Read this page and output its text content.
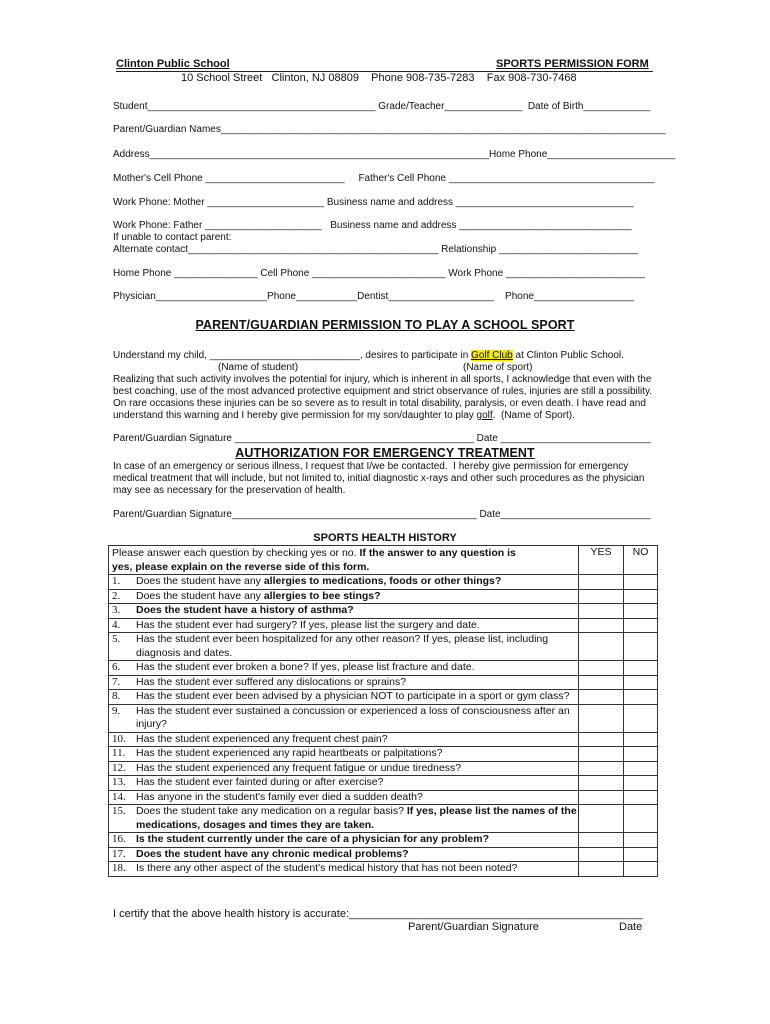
Clinton Public School	SPORTS PERMISSION FORM
10 School Street   Clinton, NJ 08809    Phone 908-735-7283    Fax 908-730-7468
Student_________________________________________ Grade/Teacher______________  Date of Birth____________
Parent/Guardian Names________________________________________________________________________________
Address_____________________________________________________________Home Phone_______________________
Mother's Cell Phone _________________________     Father's Cell Phone _____________________________________
Work Phone: Mother _____________________ Business name and address ________________________________
Work Phone: Father _____________________   Business name and address _______________________________
If unable to contact parent:
Alternate contact_____________________________________________ Relationship _________________________
Home Phone _______________ Cell Phone ________________________ Work Phone _________________________
Physician____________________Phone___________Dentist___________________    Phone__________________
PARENT/GUARDIAN PERMISSION TO PLAY A SCHOOL SPORT
Understand my child, ___________________________, desires to participate in Golf Club at Clinton Public School.
(Name of student)	(Name of sport)
Realizing that such activity involves the potential for injury, which is inherent in all sports, I acknowledge that even with the
best coaching, use of the most advanced protective equipment and strict observance of rules, injuries are still a possibility.
On rare occasions these injuries can be so severe as to result in total disability, paralysis, or even death. I have read and
understand this warning and I hereby give permission for my son/daughter to play golf.  (Name of Sport).
Parent/Guardian Signature ___________________________________________ Date ___________________________
AUTHORIZATION FOR EMERGENCY TREATMENT
In case of an emergency or serious illness, I request that I/we be contacted.  I hereby give permission for emergency
medical treatment that will include, but not limited to, initial diagnostic x-rays and other such procedures as the physician
may see as necessary for the preservation of health.
Parent/Guardian Signature____________________________________________ Date___________________________
SPORTS HEALTH HISTORY
Please answer each question by checking yes or no. If the answer to any question is
yes, please explain on the reverse side of this form.	YES	NO

1. Does the student have any allergies to medications, foods or other things?		

2. Does the student have any allergies to bee stings?		

3. Does the student have a history of asthma?		

4. Has the student ever had surgery? If yes, please list the surgery and date.		

5. Has the student ever been hospitalized for any other reason? If yes, please list, including diagnosis and dates.		

6. Has the student ever broken a bone? If yes, please list fracture and date.		

7. Has the student ever suffered any dislocations or sprains?		

8. Has the student ever been advised by a physician NOT to participate in a sport or gym class?		

9. Has the student ever sustained a concussion or experienced a loss of consciousness after an injury?		

10. Has the student experienced any frequent chest pain?		

11. Has the student experienced any rapid heartbeats or palpitations?		

12. Has the student experienced any frequent fatigue or undue tiredness?		

13. Has the student ever fainted during or after exercise?		

14. Has anyone in the student's family ever died a sudden death?		

15. Does the student take any medication on a regular basis? If yes, please list the names of the medications, dosages and times they are taken.		

16. Is the student currently under the care of a physician for any problem?		

17. Does the student have any chronic medical problems?		

18. Is there any other aspect of the student's medical history that has not been noted?		

I certify that the above health history is accurate:________________________________________________
Parent/Guardian Signature	Date
